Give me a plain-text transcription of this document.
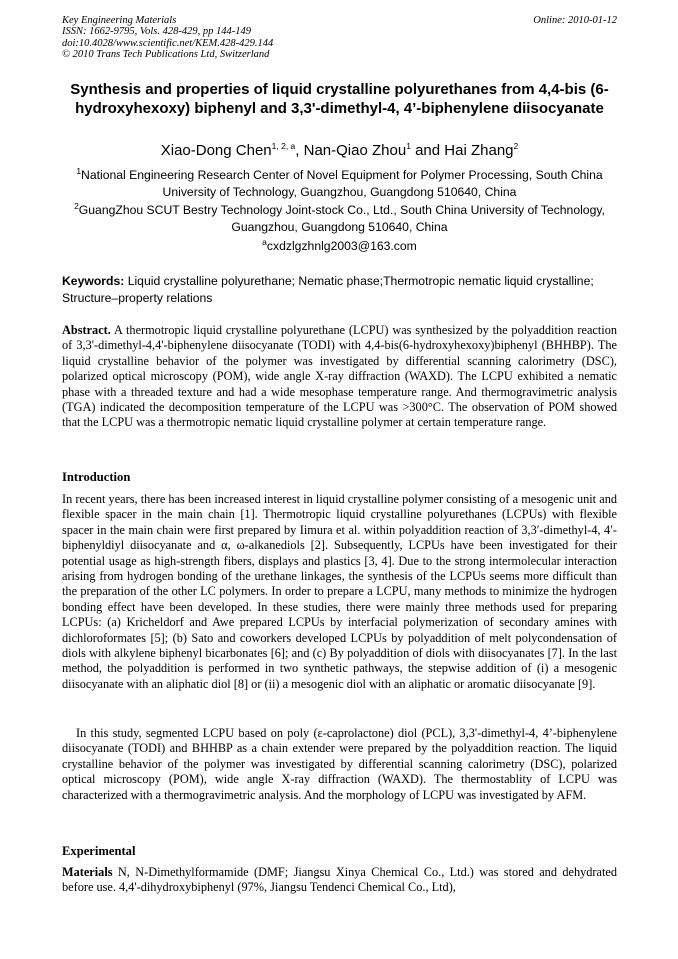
Key Engineering Materials
ISSN: 1662-9795, Vols. 428-429, pp 144-149
doi:10.4028/www.scientific.net/KEM.428-429.144
© 2010 Trans Tech Publications Ltd, Switzerland
Online: 2010-01-12
Synthesis and properties of liquid crystalline polyurethanes from 4,4-bis (6-hydroxyhexoxy) biphenyl and 3,3'-dimethyl-4, 4’-biphenylene diisocyanate
Xiao-Dong Chen$^{1, 2, a}$, Nan-Qiao Zhou$^1$ and Hai Zhang$^2$
$^1$National Engineering Research Center of Novel Equipment for Polymer Processing, South China University of Technology, Guangzhou, Guangdong 510640, China
$^2$GuangZhou SCUT Bestry Technology Joint-stock Co., Ltd., South China University of Technology, Guangzhou, Guangdong 510640, China
$^a$cxdzlgzhnlg2003@163.com
Keywords: Liquid crystalline polyurethane; Nematic phase;Thermotropic nematic liquid crystalline; Structure–property relations
Abstract. A thermotropic liquid crystalline polyurethane (LCPU) was synthesized by the polyaddition reaction of 3,3'-dimethyl-4,4'-biphenylene diisocyanate (TODI) with 4,4-bis(6-hydroxyhexoxy)biphenyl (BHHBP). The liquid crystalline behavior of the polymer was investigated by differential scanning calorimetry (DSC), polarized optical microscopy (POM), wide angle X-ray diffraction (WAXD). The LCPU exhibited a nematic phase with a threaded texture and had a wide mesophase temperature range. And thermogravimetric analysis (TGA) indicated the decomposition temperature of the LCPU was >300°C. The observation of POM showed that the LCPU was a thermotropic nematic liquid crystalline polymer at certain temperature range.
Introduction
In recent years, there has been increased interest in liquid crystalline polymer consisting of a mesogenic unit and flexible spacer in the main chain [1]. Thermotropic liquid crystalline polyurethanes (LCPUs) with flexible spacer in the main chain were first prepared by Iimura et al. within polyaddition reaction of 3,3′-dimethyl-4, 4′-biphenyldiyl diisocyanate and α, ω-alkanediols [2]. Subsequently, LCPUs have been investigated for their potential usage as high-strength fibers, displays and plastics [3, 4]. Due to the strong intermolecular interaction arising from hydrogen bonding of the urethane linkages, the synthesis of the LCPUs seems more difficult than the preparation of the other LC polymers. In order to prepare a LCPU, many methods to minimize the hydrogen bonding effect have been developed. In these studies, there were mainly three methods used for preparing LCPUs: (a) Kricheldorf and Awe prepared LCPUs by interfacial polymerization of secondary amines with dichloroformates [5]; (b) Sato and coworkers developed LCPUs by polyaddition of melt polycondensation of diols with alkylene biphenyl bicarbonates [6]; and (c) By polyaddition of diols with diisocyanates [7]. In the last method, the polyaddition is performed in two synthetic pathways, the stepwise addition of (i) a mesogenic diisocyanate with an aliphatic diol [8] or (ii) a mesogenic diol with an aliphatic or aromatic diisocyanate [9].
In this study, segmented LCPU based on poly (ε-caprolactone) diol (PCL), 3,3'-dimethyl-4, 4’-biphenylene diisocyanate (TODI) and BHHBP as a chain extender were prepared by the polyaddition reaction. The liquid crystalline behavior of the polymer was investigated by differential scanning calorimetry (DSC), polarized optical microscopy (POM), wide angle X-ray diffraction (WAXD). The thermostablity of LCPU was characterized with a thermogravimetric analysis. And the morphology of LCPU was investigated by AFM.
Experimental
Materials N, N-Dimethylformamide (DMF; Jiangsu Xinya Chemical Co., Ltd.) was stored and dehydrated before use. 4,4'-dihydroxybiphenyl (97%, Jiangsu Tendenci Chemical Co., Ltd),
